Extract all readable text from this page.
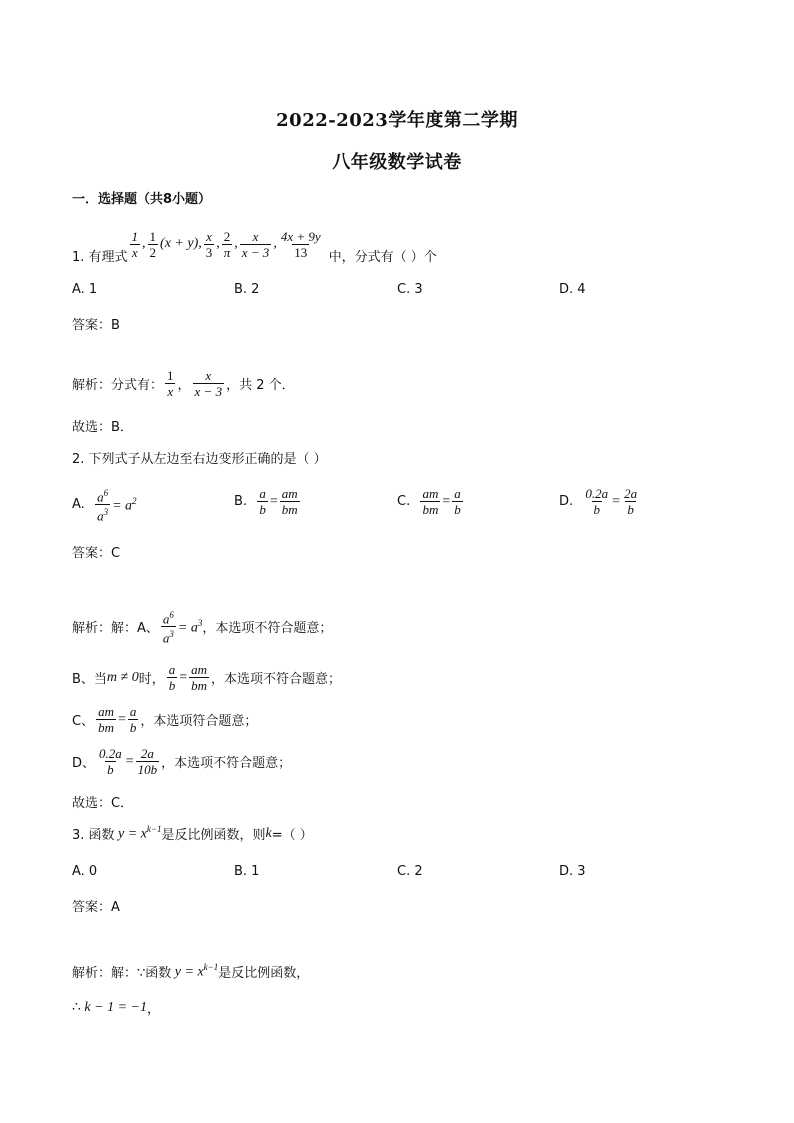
2022-2023学年度第二学期
八年级数学试卷
一．选择题（共8小题）
1. 有理式 $\frac{1}{x}$ , $\frac{1}{2} (x + y)$, $\frac{x}{3}$ , $\frac{2}{\pi}$ , $\frac{x}{x - 3}$ , $\frac{4x + 9y}{13}$ 中，分式有（ ）个
A. 1	B. 2	C. 3	D. 4
答案：B
解析：分式有： $\frac{1}{x}$ ， $\frac{x}{x - 3}$ ，共 2 个．
故选：B．
2. 下列式子从左边至右边变形正确的是（ ）
A.
$\frac{a^6}{a^3} = a^2$	B.
$\frac{a}{b} = \frac{am}{bm}$	C.
$\frac{am}{bm} = \frac{a}{b}$	D.
$\frac{0.2a}{b} = \frac{2a}{b}$
答案：C
解析：解：A、 $\frac{a^6}{a^3} = a^3$ ，本选项不符合题意；
B、当 m ≠ 0 时， $\frac{a}{b} = \frac{am}{bm}$ ，本选项不符合题意；
C、 $\frac{am}{bm} = \frac{a}{b}$ ，本选项符合题意；
D、 $\frac{0.2a}{b} = \frac{2a}{10b}$ ，本选项不符合题意；
故选：C．
3. 函数 $y = x^{k-1}$ 是反比例函数，则 k =（ ）
A. 0	B. 1	C. 2	D. 3
答案：A
解析：解：∵函数 $y = x^{k-1}$ 是反比例函数，
∴ k − 1 = −1 ，
